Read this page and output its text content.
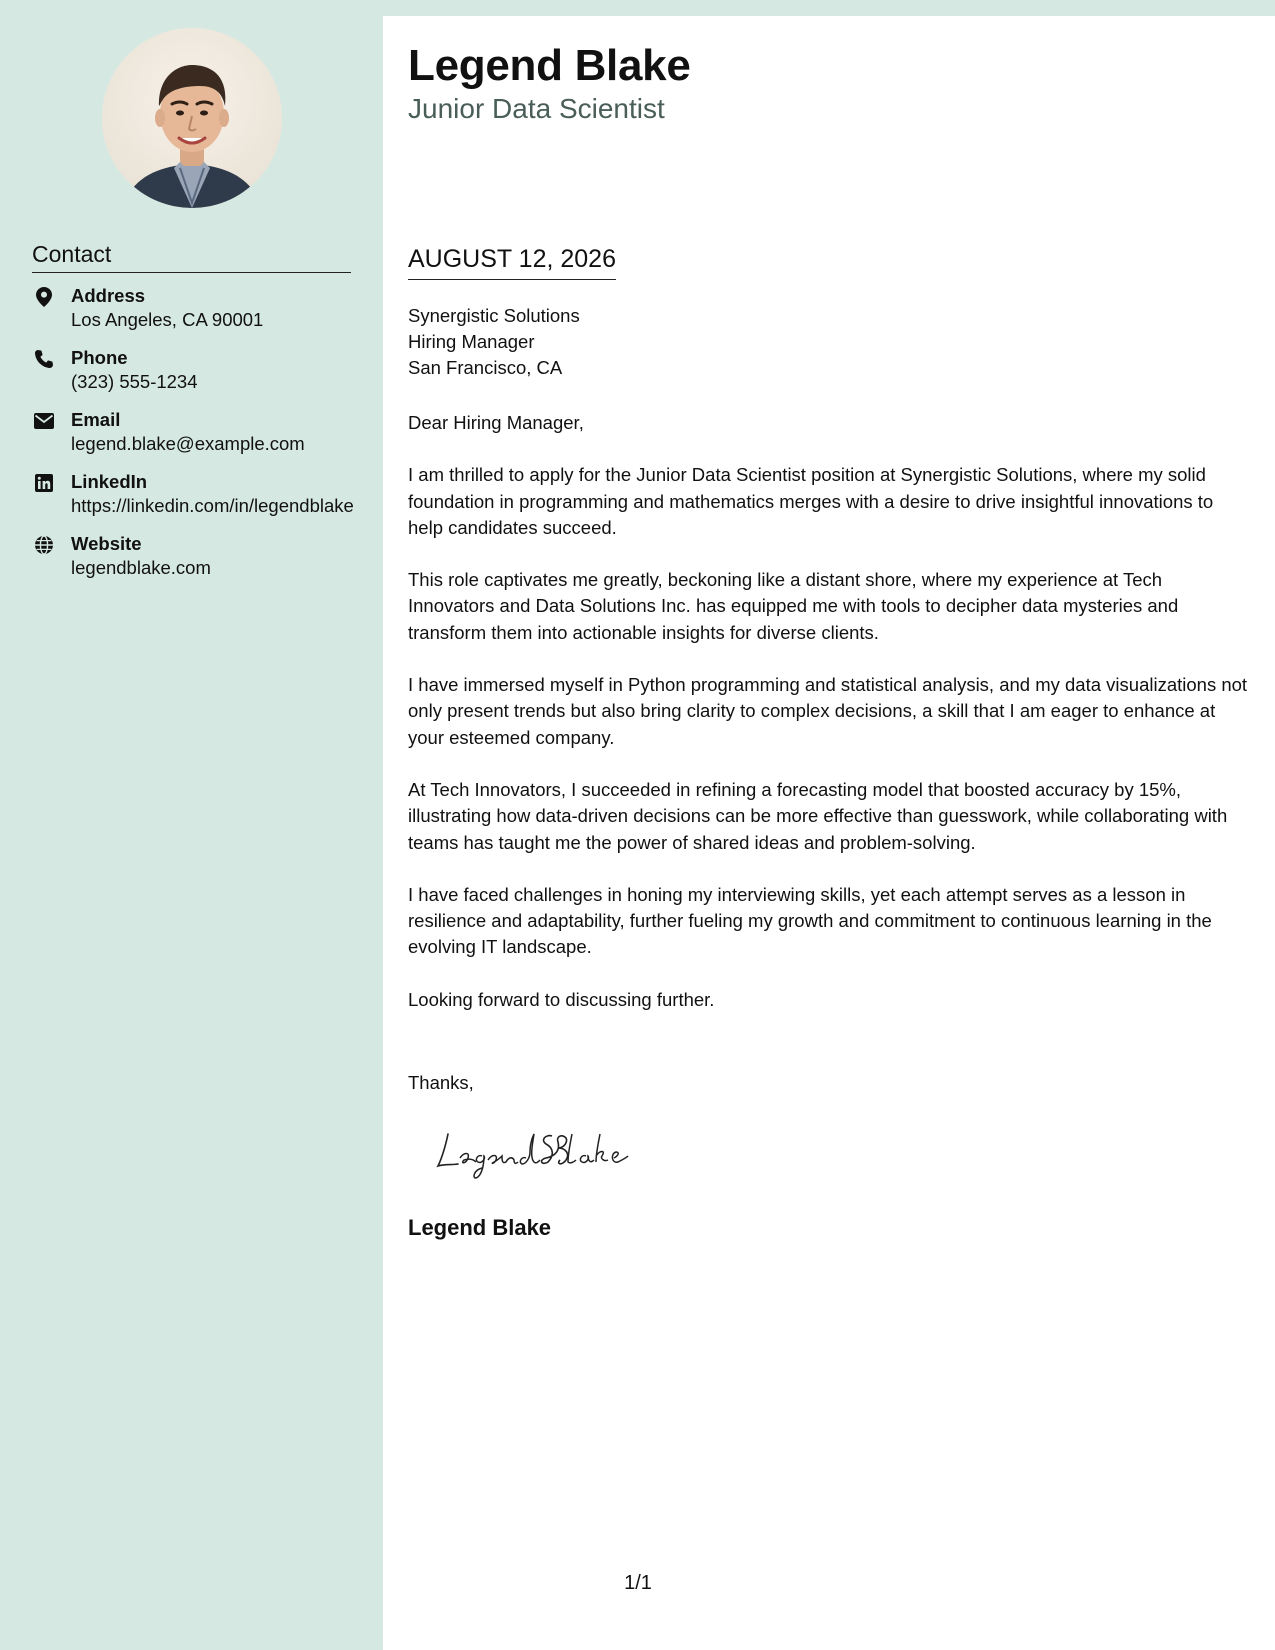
Contact
Address
Los Angeles, CA 90001
Phone
(323) 555-1234
Email
legend.blake@example.com
LinkedIn
https://linkedin.com/in/legendblake
Website
legendblake.com
Legend Blake
Junior Data Scientist
AUGUST 12, 2026
Synergistic Solutions
Hiring Manager
San Francisco, CA

Dear Hiring Manager,

I am thrilled to apply for the Junior Data Scientist position at Synergistic Solutions, where my solid foundation in programming and mathematics merges with a desire to drive insightful innovations to help candidates succeed.

This role captivates me greatly, beckoning like a distant shore, where my experience at Tech Innovators and Data Solutions Inc. has equipped me with tools to decipher data mysteries and transform them into actionable insights for diverse clients.

I have immersed myself in Python programming and statistical analysis, and my data visualizations not only present trends but also bring clarity to complex decisions, a skill that I am eager to enhance at your esteemed company.

At Tech Innovators, I succeeded in refining a forecasting model that boosted accuracy by 15%, illustrating how data-driven decisions can be more effective than guesswork, while collaborating with teams has taught me the power of shared ideas and problem-solving.

I have faced challenges in honing my interviewing skills, yet each attempt serves as a lesson in resilience and adaptability, further fueling my growth and commitment to continuous learning in the evolving IT landscape.

Looking forward to discussing further.

Thanks,
Legend Blake
1/1
